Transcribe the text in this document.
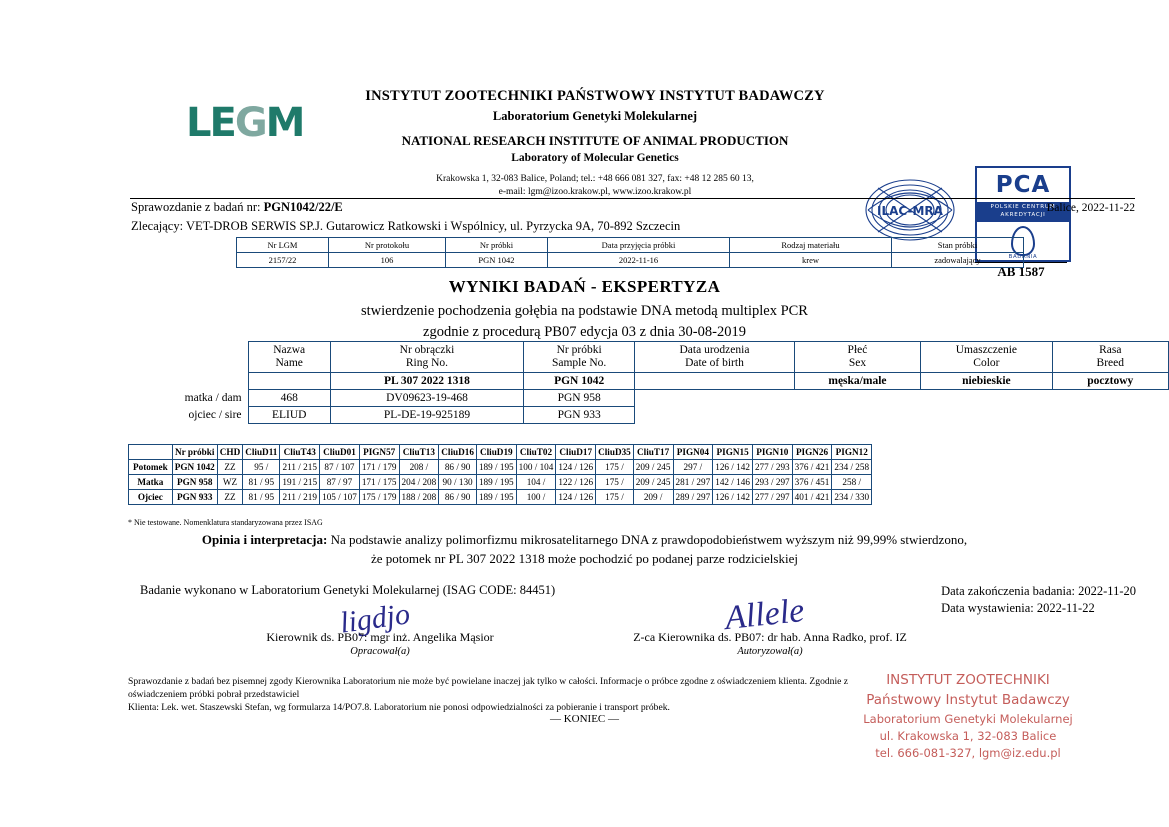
LEGM
INSTYTUT ZOOTECHNIKI PAŃSTWOWY INSTYTUT BADAWCZY
Laboratorium Genetyki Molekularnej
NATIONAL RESEARCH INSTITUTE OF ANIMAL PRODUCTION
Laboratory of Molecular Genetics
Krakowska 1, 32-083 Balice, Poland; tel.: +48 666 081 327, fax: +48 12 285 60 13,
e-mail: lgm@izoo.krakow.pl, www.izoo.krakow.pl
ILAC-MRA
PCA
POLSKIE CENTRUM
AKREDYTACJI
BADANIA
AB 1587
Sprawozdanie z badań nr: PGN1042/22/E	Balice, 2022-11-22
Zlecający: VET-DROB SERWIS SP.J. Gutarowicz Ratkowski i Wspólnicy, ul. Pyrzycka 9A, 70-892 Szczecin
Nr LGM	Nr protokołu	Nr próbki	Data przyjęcia próbki	Rodzaj materiału	Stan próbki
2157/22	106	PGN 1042	2022-11-16	krew	zadowalający
WYNIKI BADAŃ - EKSPERTYZA
stwierdzenie pochodzenia gołębia na podstawie DNA metodą multiplex PCR
zgodnie z procedurą PB07 edycja 03 z dnia 30-08-2019

Nazwa
Name

Nr obrączki
Ring No.

Nr próbki
Sample No.

Data urodzenia
Date of birth

Płeć
Sex

Umaszczenie
Color

Rasa
Breed

		PL 307 2022 1318	PGN 1042		męska/male	niebieskie	pocztowy
matka / dam	468	DV09623-19-468	PGN 958				
ojciec / sire	ELIUD	PL-DE-19-925189	PGN 933				
	Nr próbki	CHD	CliuD11	CliuT43	CliuD01	PIGN57	CliuT13	CliuD16	CliuD19	CliuT02	CliuD17	CliuD35	CliuT17	PIGN04	PIGN15	PIGN10	PIGN26	PIGN12
Potomek	PGN 1042	ZZ	95 /	211 / 215	87 / 107	171 / 179	208 /	86 / 90	189 / 195	100 / 104	124 / 126	175 /	209 / 245	297 /	126 / 142	277 / 293	376 / 421	234 / 258
Matka	PGN 958	WZ	81 / 95	191 / 215	87 / 97	171 / 175	204 / 208	90 / 130	189 / 195	104 /	122 / 126	175 /	209 / 245	281 / 297	142 / 146	293 / 297	376 / 451	258 /
Ojciec	PGN 933	ZZ	81 / 95	211 / 219	105 / 107	175 / 179	188 / 208	86 / 90	189 / 195	100 /	124 / 126	175 /	209 /	289 / 297	126 / 142	277 / 297	401 / 421	234 / 330
* Nie testowane. Nomenklatura standaryzowana przez ISAG
Opinia i interpretacja: Na podstawie analizy polimorfizmu mikrosatelitarnego DNA z prawdopodobieństwem wyższym niż 99,99% stwierdzono,
że potomek nr PL 307 2022 1318 może pochodzić po podanej parze rodzicielskiej
Badanie wykonano w Laboratorium Genetyki Molekularnej (ISAG CODE: 84451)	Data zakończenia badania: 2022-11-20
Data wystawienia: 2022-11-22
ligdjo	Allele
Kierownik ds. PB07: mgr inż. Angelika Mąsior
Opracował(a)
Z-ca Kierownika ds. PB07: dr hab. Anna Radko, prof. IZ
Autoryzował(a)
Sprawozdanie z badań bez pisemnej zgody Kierownika Laboratorium nie może być powielane inaczej jak tylko w całości. Informacje o próbce zgodne z oświadczeniem klienta. Zgodnie z oświadczeniem próbki pobrał przedstawiciel
Klienta: Lek. wet. Staszewski Stefan, wg formularza 14/PO7.8. Laboratorium nie ponosi odpowiedzialności za pobieranie i transport próbek.
— KONIEC —
INSTYTUT ZOOTECHNIKI
Państwowy Instytut Badawczy
Laboratorium Genetyki Molekularnej
ul. Krakowska 1, 32-083 Balice
tel. 666-081-327, lgm@iz.edu.pl
